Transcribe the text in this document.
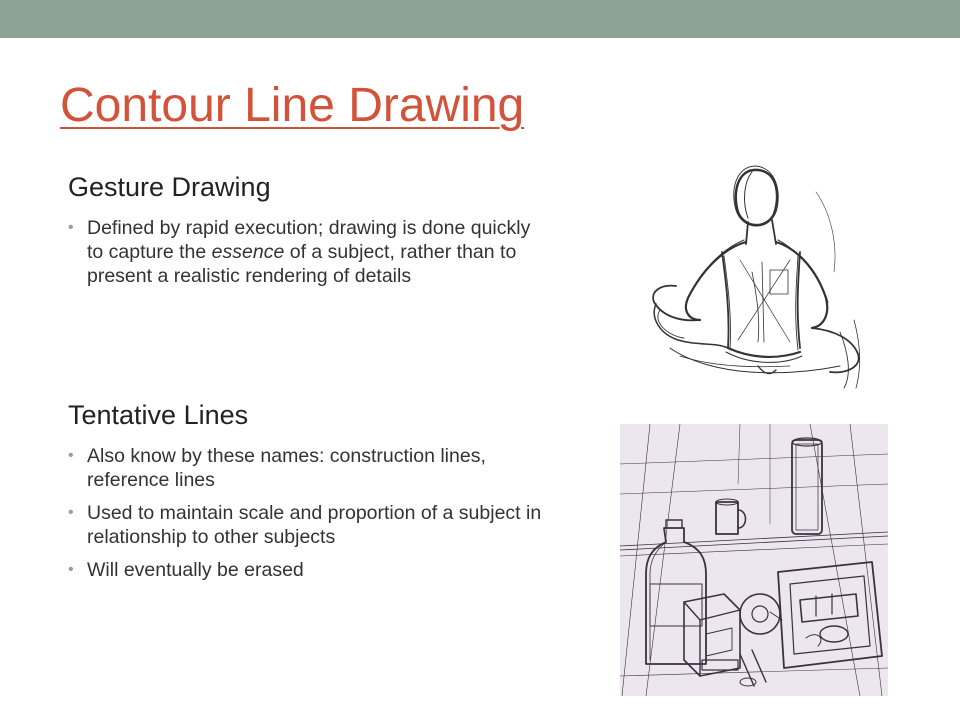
Contour Line Drawing
Gesture Drawing
• Defined by rapid execution; drawing is done quickly to capture the essence of a subject, rather than to present a realistic rendering of details
Tentative Lines
• Also know by these names: construction lines, reference lines
• Used to maintain scale and proportion of a subject in relationship to other subjects
• Will eventually be erased
